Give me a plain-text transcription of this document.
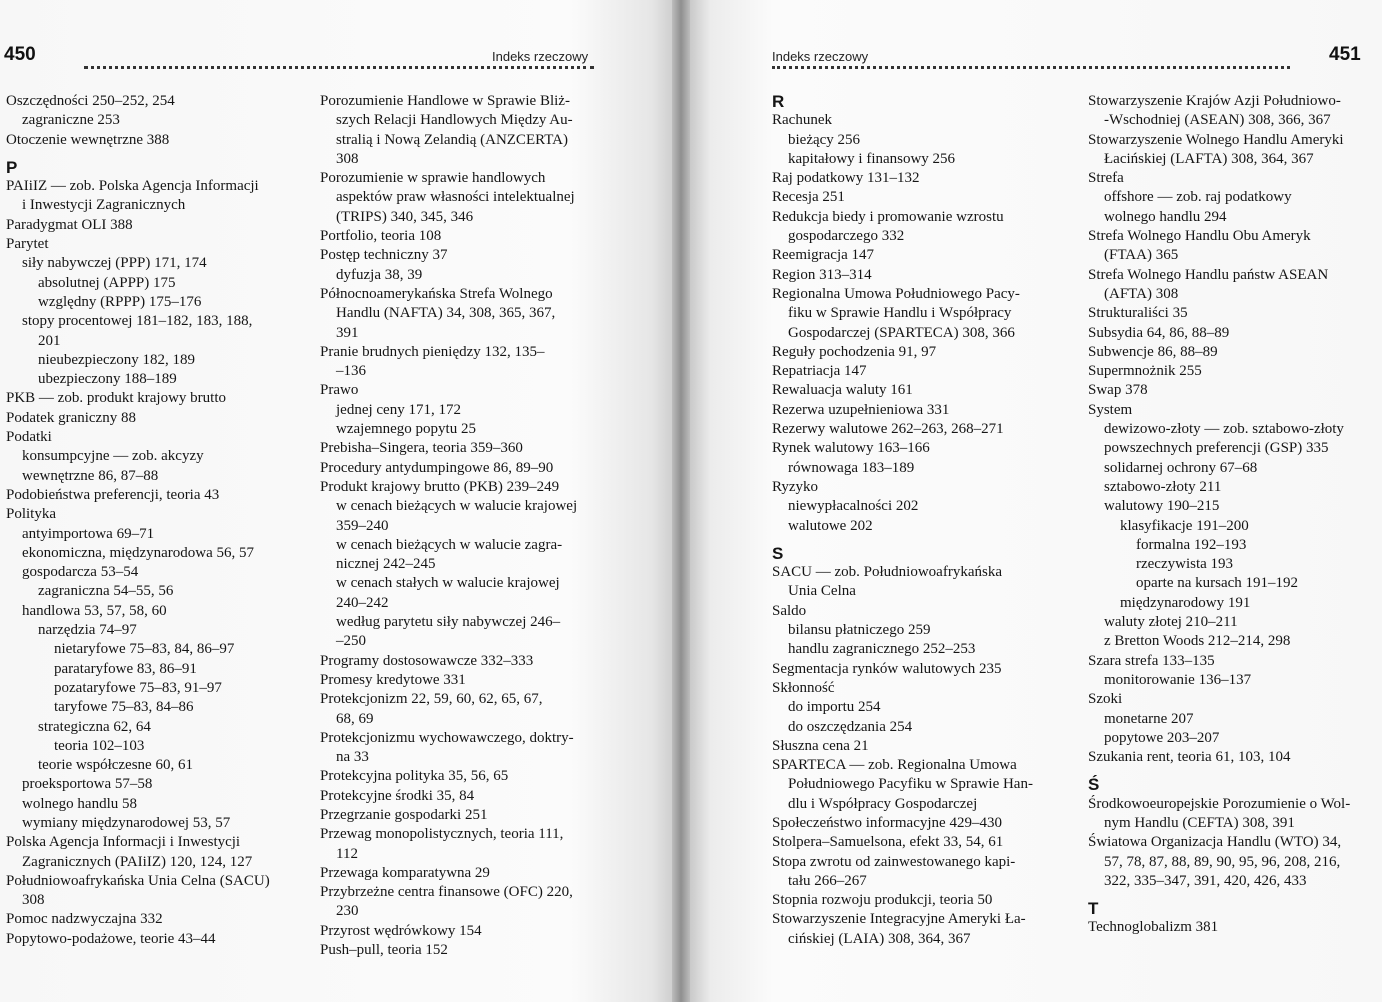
450	Indeks rzeczowy
Oszczędności 250–252, 254
zagraniczne 253
Otoczenie wewnętrzne 388
P
PAIiIZ — zob. Polska Agencja Informacji
i Inwestycji Zagranicznych
Paradygmat OLI 388
Parytet
siły nabywczej (PPP) 171, 174
absolutnej (APPP) 175
względny (RPPP) 175–176
stopy procentowej 181–182, 183, 188,
201
nieubezpieczony 182, 189
ubezpieczony 188–189
PKB — zob. produkt krajowy brutto
Podatek graniczny 88
Podatki
konsumpcyjne — zob. akcyzy
wewnętrzne 86, 87–88
Podobieństwa preferencji, teoria 43
Polityka
antyimportowa 69–71
ekonomiczna, międzynarodowa 56, 57
gospodarcza 53–54
zagraniczna 54–55, 56
handlowa 53, 57, 58, 60
narzędzia 74–97
nietaryfowe 75–83, 84, 86–97
parataryfowe 83, 86–91
pozataryfowe 75–83, 91–97
taryfowe 75–83, 84–86
strategiczna 62, 64
teoria 102–103
teorie współczesne 60, 61
proeksportowa 57–58
wolnego handlu 58
wymiany międzynarodowej 53, 57
Polska Agencja Informacji i Inwestycji
Zagranicznych (PAIiIZ) 120, 124, 127
Południowoafrykańska Unia Celna (SACU)
308
Pomoc nadzwyczajna 332
Popytowo-podażowe, teorie 43–44
Porozumienie Handlowe w Sprawie Bliż-
szych Relacji Handlowych Między Au-
stralią i Nową Zelandią (ANZCERTA)
308
Porozumienie w sprawie handlowych
aspektów praw własności intelektualnej
(TRIPS) 340, 345, 346
Portfolio, teoria 108
Postęp techniczny 37
dyfuzja 38, 39
Północnoamerykańska Strefa Wolnego
Handlu (NAFTA) 34, 308, 365, 367,
391
Pranie brudnych pieniędzy 132, 135–
–136
Prawo
jednej ceny 171, 172
wzajemnego popytu 25
Prebisha–Singera, teoria 359–360
Procedury antydumpingowe 86, 89–90
Produkt krajowy brutto (PKB) 239–249
w cenach bieżących w walucie krajowej
359–240
w cenach bieżących w walucie zagra-
nicznej 242–245
w cenach stałych w walucie krajowej
240–242
według parytetu siły nabywczej 246–
–250
Programy dostosowawcze 332–333
Promesy kredytowe 331
Protekcjonizm 22, 59, 60, 62, 65, 67,
68, 69
Protekcjonizmu wychowawczego, doktry-
na 33
Protekcyjna polityka 35, 56, 65
Protekcyjne środki 35, 84
Przegrzanie gospodarki 251
Przewag monopolistycznych, teoria 111,
112
Przewaga komparatywna 29
Przybrzeżne centra finansowe (OFC) 220,
230
Przyrost wędrówkowy 154
Push–pull, teoria 152
Indeks rzeczowy	451
R
Rachunek
bieżący 256
kapitałowy i finansowy 256
Raj podatkowy 131–132
Recesja 251
Redukcja biedy i promowanie wzrostu
gospodarczego 332
Reemigracja 147
Region 313–314
Regionalna Umowa Południowego Pacy-
fiku w Sprawie Handlu i Współpracy
Gospodarczej (SPARTECA) 308, 366
Reguły pochodzenia 91, 97
Repatriacja 147
Rewaluacja waluty 161
Rezerwa uzupełnieniowa 331
Rezerwy walutowe 262–263, 268–271
Rynek walutowy 163–166
równowaga 183–189
Ryzyko
niewypłacalności 202
walutowe 202
S
SACU — zob. Południowoafrykańska
Unia Celna
Saldo
bilansu płatniczego 259
handlu zagranicznego 252–253
Segmentacja rynków walutowych 235
Skłonność
do importu 254
do oszczędzania 254
Słuszna cena 21
SPARTECA — zob. Regionalna Umowa
Południowego Pacyfiku w Sprawie Han-
dlu i Współpracy Gospodarczej
Społeczeństwo informacyjne 429–430
Stolpera–Samuelsona, efekt 33, 54, 61
Stopa zwrotu od zainwestowanego kapi-
tału 266–267
Stopnia rozwoju produkcji, teoria 50
Stowarzyszenie Integracyjne Ameryki Ła-
cińskiej (LAIA) 308, 364, 367
Stowarzyszenie Krajów Azji Południowo-
-Wschodniej (ASEAN) 308, 366, 367
Stowarzyszenie Wolnego Handlu Ameryki
Łacińskiej (LAFTA) 308, 364, 367
Strefa
offshore — zob. raj podatkowy
wolnego handlu 294
Strefa Wolnego Handlu Obu Ameryk
(FTAA) 365
Strefa Wolnego Handlu państw ASEAN
(AFTA) 308
Strukturaliści 35
Subsydia 64, 86, 88–89
Subwencje 86, 88–89
Supermnożnik 255
Swap 378
System
dewizowo-złoty — zob. sztabowo-złoty
powszechnych preferencji (GSP) 335
solidarnej ochrony 67–68
sztabowo-złoty 211
walutowy 190–215
klasyfikacje 191–200
formalna 192–193
rzeczywista 193
oparte na kursach 191–192
międzynarodowy 191
waluty złotej 210–211
z Bretton Woods 212–214, 298
Szara strefa 133–135
monitorowanie 136–137
Szoki
monetarne 207
popytowe 203–207
Szukania rent, teoria 61, 103, 104
Ś
Środkowoeuropejskie Porozumienie o Wol-
nym Handlu (CEFTA) 308, 391
Światowa Organizacja Handlu (WTO) 34,
57, 78, 87, 88, 89, 90, 95, 96, 208, 216,
322, 335–347, 391, 420, 426, 433
T
Technoglobalizm 381
